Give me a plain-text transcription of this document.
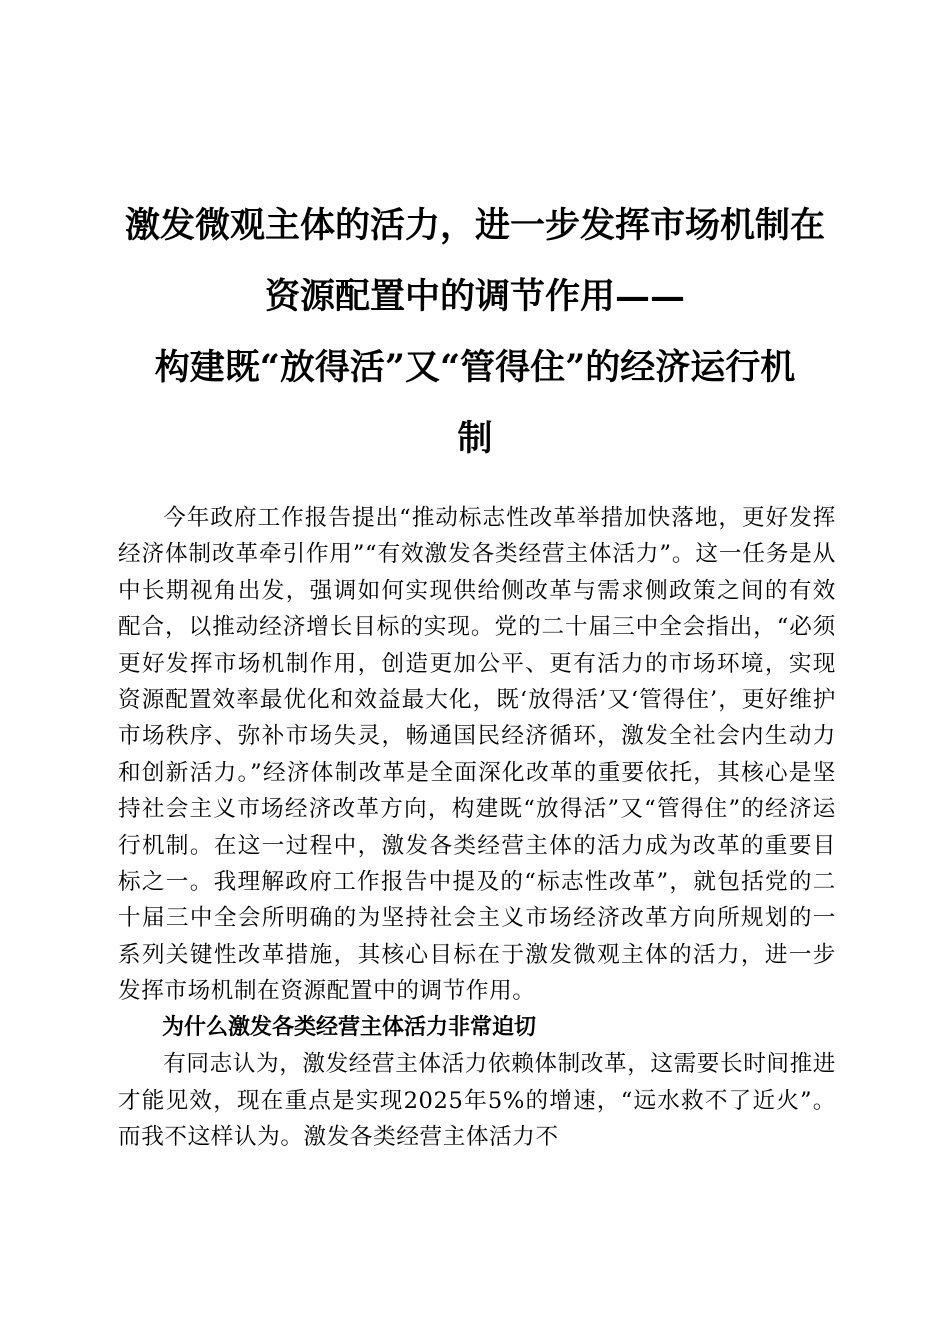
激发微观主体的活力，进一步发挥市场机制在
资源配置中的调节作用——
构建既“放得活”又“管得住”的经济运行机
制

今年政府工作报告提出“推动标志性改革举措加快落地，更好发挥经济体制改革牵引作用”“有效激发各类经营主体活力”。这一任务是从中长期视角出发，强调如何实现供给侧改革与需求侧政策之间的有效配合，以推动经济增长目标的实现。党的二十届三中全会指出，“必须更好发挥市场机制作用，创造更加公平、更有活力的市场环境，实现资源配置效率最优化和效益最大化，既‘放得活’又‘管得住’，更好维护市场秩序、弥补市场失灵，畅通国民经济循环，激发全社会内生动力和创新活力。”经济体制改革是全面深化改革的重要依托，其核心是坚持社会主义市场经济改革方向，构建既“放得活”又“管得住”的经济运行机制。在这一过程中，激发各类经营主体的活力成为改革的重要目标之一。我理解政府工作报告中提及的“标志性改革”，就包括党的二十届三中全会所明确的为坚持社会主义市场经济改革方向所规划的一系列关键性改革措施，其核心目标在于激发微观主体的活力，进一步发挥市场机制在资源配置中的调节作用。

为什么激发各类经营主体活力非常迫切

有同志认为，激发经营主体活力依赖体制改革，这需要长时间推进才能见效，现在重点是实现2025年5%的增速，“远水救不了近火”。而我不这样认为。激发各类经营主体活力不
